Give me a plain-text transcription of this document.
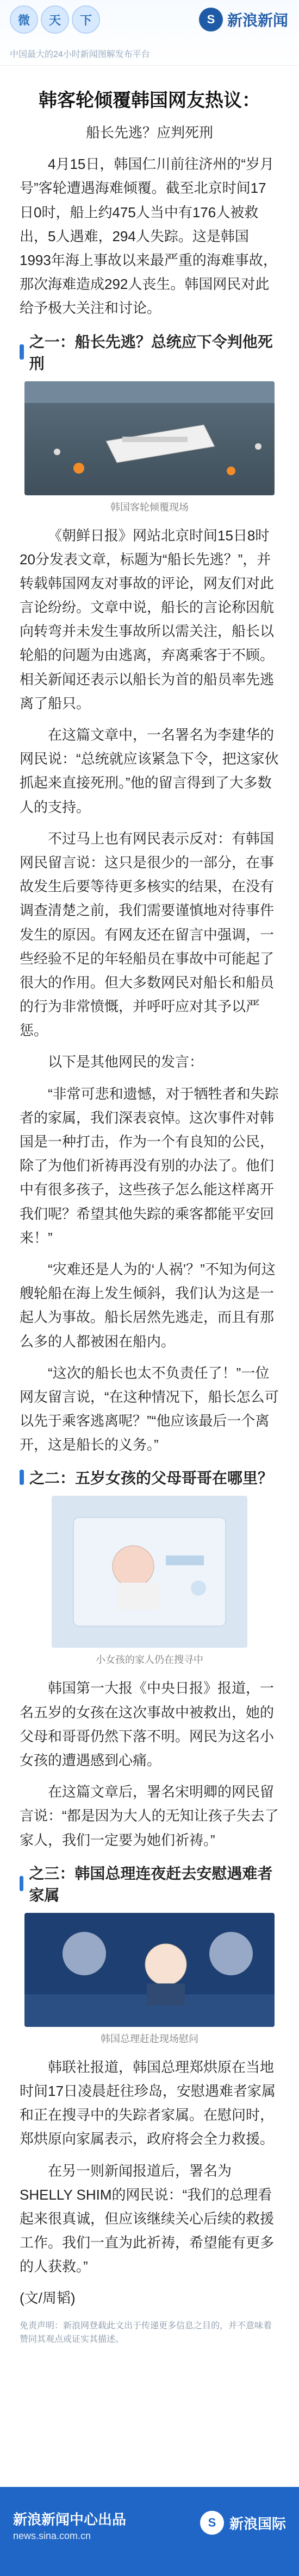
微	天	下	S 新浪新闻
中国最大的24小时新闻图解发布平台
韩客轮倾覆韩国网友热议：
船长先逃？应判死刑

4月15日，韩国仁川前往济州的“岁月号”客轮遭遇海难倾覆。截至北京时间17日0时，船上约475人当中有176人被救出，5人遇难，294人失踪。这是韩国1993年海上事故以来最严重的海难事故，那次海难造成292人丧生。韩国网民对此给予极大关注和讨论。

之一：船长先逃？总统应下令判他死刑
韩国客轮倾覆现场

《朝鲜日报》网站北京时间15日8时20分发表文章，标题为“船长先逃？”，并转载韩国网友对事故的评论，网友们对此言论纷纷。文章中说，船长的言论称因航向转弯并未发生事故所以需关注，船长以轮船的问题为由逃离，弃离乘客于不顾。相关新闻还表示以船长为首的船员率先逃离了船只。

在这篇文章中，一名署名为李建华的网民说：“总统就应该紧急下令，把这家伙抓起来直接死刑。”他的留言得到了大多数人的支持。

不过马上也有网民表示反对：有韩国网民留言说：这只是很少的一部分，在事故发生后要等待更多核实的结果，在没有调查清楚之前，我们需要谨慎地对待事件发生的原因。有网友还在留言中强调，一些经验不足的年轻船员在事故中可能起了很大的作用。但大多数网民对船长和船员的行为非常愤慨，并呼吁应对其予以严惩。

以下是其他网民的发言：

“非常可悲和遗憾，对于牺牲者和失踪者的家属，我们深表哀悼。这次事件对韩国是一种打击，作为一个有良知的公民，除了为他们祈祷再没有别的办法了。他们中有很多孩子，这些孩子怎么能这样离开我们呢？希望其他失踪的乘客都能平安回来！”

“灾难还是人为的‘人祸’？”不知为何这艘轮船在海上发生倾斜，我们认为这是一起人为事故。船长居然先逃走，而且有那么多的人都被困在船内。

“这次的船长也太不负责任了！”一位网友留言说，“在这种情况下，船长怎么可以先于乘客逃离呢？”“他应该最后一个离开，这是船长的义务。”

之二：五岁女孩的父母哥哥在哪里？
小女孩的家人仍在搜寻中

韩国第一大报《中央日报》报道，一名五岁的女孩在这次事故中被救出，她的父母和哥哥仍然下落不明。网民为这名小女孩的遭遇感到心痛。

在这篇文章后，署名宋明卿的网民留言说：“都是因为大人的无知让孩子失去了家人，我们一定要为她们祈祷。”

之三：韩国总理连夜赶去安慰遇难者家属
韩国总理赶赴现场慰问

韩联社报道，韩国总理郑烘原在当地时间17日凌晨赶往珍岛，安慰遇难者家属和正在搜寻中的失踪者家属。在慰问时，郑烘原向家属表示，政府将会全力救援。

在另一则新闻报道后，署名为SHELLY SHIM的网民说：“我们的总理看起来很真诚，但应该继续关心后续的救援工作。我们一直为此祈祷，希望能有更多的人获救。”

(文/周韬)

免责声明：新浪网登载此文出于传递更多信息之目的，并不意味着赞同其观点或证实其描述。
新浪新闻中心出品
news.sina.com.cn
S 新浪国际
